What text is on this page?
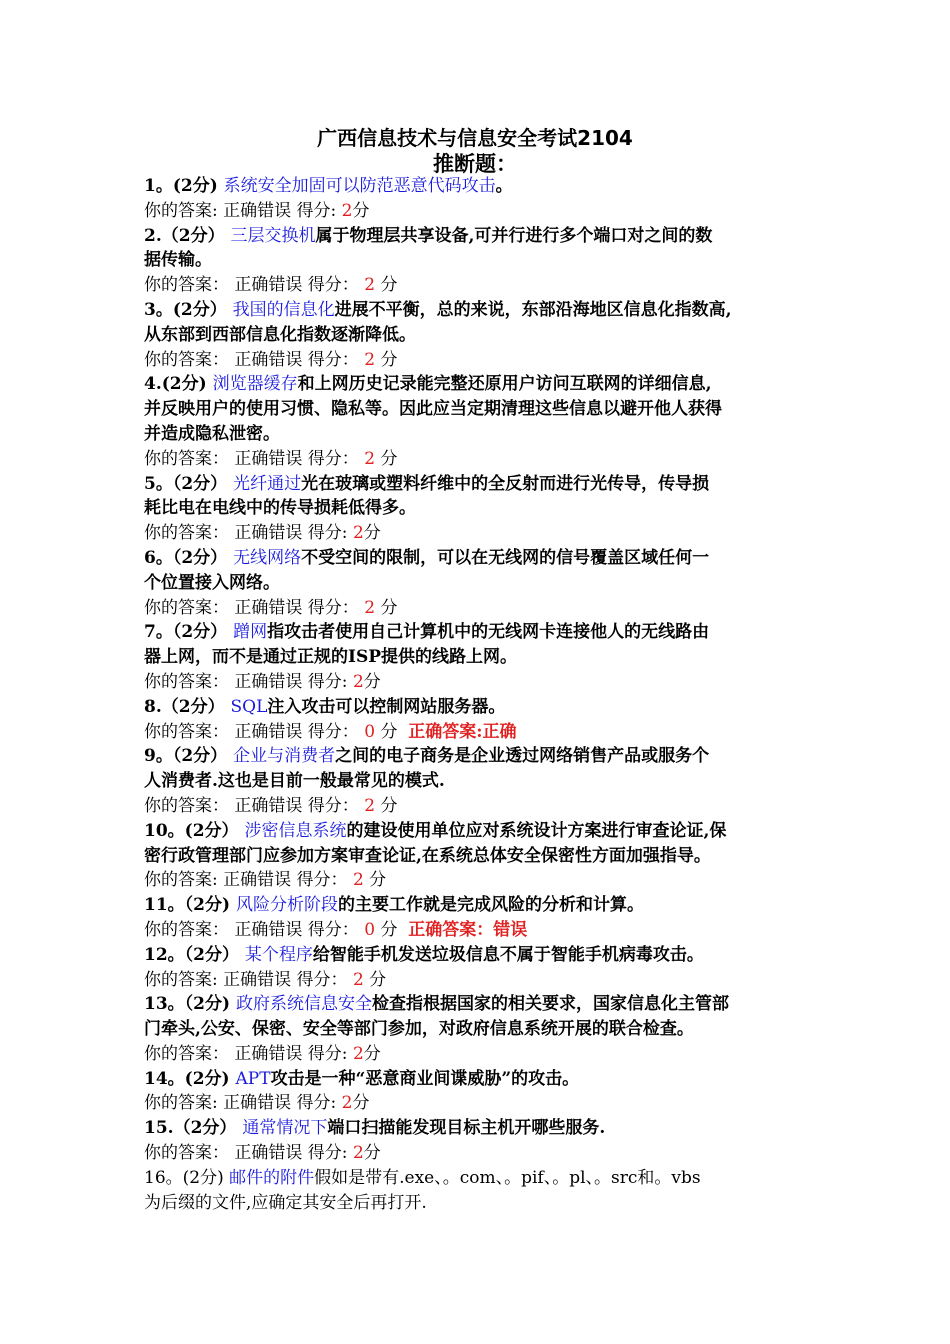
广西信息技术与信息安全考试2104
推断题：
1。(2分) 系统安全加固可以防范恶意代码攻击。
你的答案: 正确错误 得分: 2分
2.（2分） 三层交换机属于物理层共享设备,可并行进行多个端口对之间的数
据传输。
你的答案： 正确错误 得分： 2 分
3。(2分） 我国的信息化进展不平衡，总的来说，东部沿海地区信息化指数高,
从东部到西部信息化指数逐渐降低。
你的答案： 正确错误 得分： 2 分
4.(2分) 浏览器缓存和上网历史记录能完整还原用户访问互联网的详细信息,
并反映用户的使用习惯、隐私等。因此应当定期清理这些信息以避开他人获得
并造成隐私泄密。
你的答案： 正确错误 得分： 2 分
5。（2分） 光纤通过光在玻璃或塑料纤维中的全反射而进行光传导，传导损
耗比电在电线中的传导损耗低得多。
你的答案： 正确错误 得分: 2分
6。（2分） 无线网络不受空间的限制，可以在无线网的信号覆盖区域任何一
个位置接入网络。
你的答案： 正确错误 得分： 2 分
7。（2分） 蹭网指攻击者使用自己计算机中的无线网卡连接他人的无线路由
器上网，而不是通过正规的ISP提供的线路上网。
你的答案： 正确错误 得分: 2分
8.（2分） SQL注入攻击可以控制网站服务器。
你的答案： 正确错误 得分： 0 分  正确答案:正确
9。（2分） 企业与消费者之间的电子商务是企业透过网络销售产品或服务个
人消费者.这也是目前一般最常见的模式.
你的答案： 正确错误 得分： 2 分
10。(2分） 涉密信息系统的建设使用单位应对系统设计方案进行审查论证,保
密行政管理部门应参加方案审查论证,在系统总体安全保密性方面加强指导。
你的答案: 正确错误 得分： 2 分
11。（2分) 风险分析阶段的主要工作就是完成风险的分析和计算。
你的答案： 正确错误 得分： 0 分  正确答案：错误
12。（2分） 某个程序给智能手机发送垃圾信息不属于智能手机病毒攻击。
你的答案: 正确错误 得分： 2 分
13。（2分) 政府系统信息安全检查指根据国家的相关要求，国家信息化主管部
门牵头,公安、保密、安全等部门参加，对政府信息系统开展的联合检查。
你的答案： 正确错误 得分: 2分
14。(2分) APT攻击是一种“恶意商业间谍威胁”的攻击。
你的答案: 正确错误 得分: 2分
15.（2分） 通常情况下端口扫描能发现目标主机开哪些服务.
你的答案： 正确错误 得分: 2分
16。(2分) 邮件的附件假如是带有.exe、。com、。pif、。pl、。src和。vbs
为后缀的文件,应确定其安全后再打开.
